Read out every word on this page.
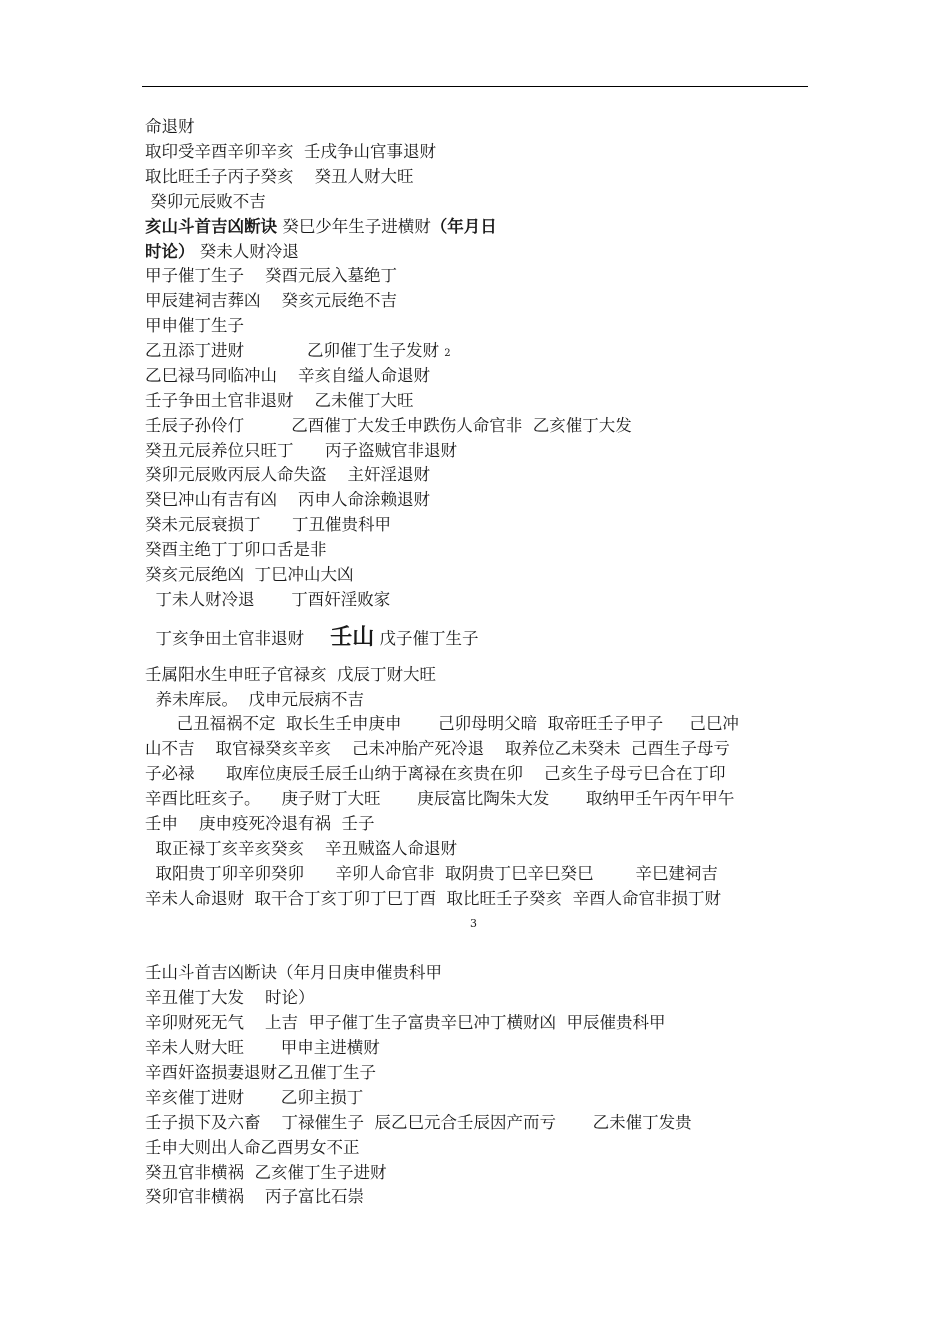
命退财
取印受辛酉辛卯辛亥  壬戌争山官事退财
取比旺壬子丙子癸亥    癸丑人财大旺
癸卯元辰败不吉
亥山斗首吉凶断诀 癸巳少年生子进横财（年月日
时论） 癸未人财冷退
甲子催丁生子    癸酉元辰入墓绝丁
甲辰建祠吉葬凶    癸亥元辰绝不吉
甲申催丁生子
乙丑添丁进财            乙卯催丁生子发财 2
乙巳禄马同临冲山    辛亥自缢人命退财
壬子争田土官非退财    乙未催丁大旺
壬辰子孙伶仃         乙酉催丁大发壬申跌伤人命官非  乙亥催丁大发
癸丑元辰养位只旺丁      丙子盗贼官非退财
癸卯元辰败丙辰人命失盗    主奸淫退财
癸巳冲山有吉有凶    丙申人命涂赖退财
癸未元辰衰损丁      丁丑催贵科甲
癸酉主绝丁丁卯口舌是非
癸亥元辰绝凶  丁巳冲山大凶
丁未人财冷退       丁酉奸淫败家
丁亥争田土官非退财 壬山 戊子催丁生子
壬属阳水生申旺子官禄亥  戊辰丁财大旺
养未库辰。  戊申元辰病不吉
己丑福祸不定  取长生壬申庚申       己卯母明父暗  取帝旺壬子甲子     己巳冲
山不吉    取官禄癸亥辛亥    己未冲胎产死冷退    取养位乙未癸未  己酉生子母亏
子必禄      取库位庚辰壬辰壬山纳于离禄在亥贵在卯    己亥生子母亏巳合在丁印
辛酉比旺亥子。    庚子财丁大旺       庚辰富比陶朱大发       取纳甲壬午丙午甲午
壬申    庚申疫死冷退有祸  壬子
取正禄丁亥辛亥癸亥    辛丑贼盗人命退财
取阳贵丁卯辛卯癸卯      辛卯人命官非  取阴贵丁巳辛巳癸巳        辛巳建祠吉
辛未人命退财  取干合丁亥丁卯丁巳丁酉  取比旺壬子癸亥  辛酉人命官非损丁财
3
壬山斗首吉凶断诀（年月日庚申催贵科甲
辛丑催丁大发    时论）
辛卯财死无气    上吉  甲子催丁生子富贵辛巳冲丁横财凶  甲辰催贵科甲
辛未人财大旺       甲申主进横财
辛酉奸盗损妻退财乙丑催丁生子
辛亥催丁进财       乙卯主损丁
壬子损下及六畜    丁禄催生子  辰乙巳元合壬辰因产而亏       乙未催丁发贵
壬申大则出人命乙酉男女不正
癸丑官非横祸  乙亥催丁生子进财
癸卯官非横祸    丙子富比石崇
